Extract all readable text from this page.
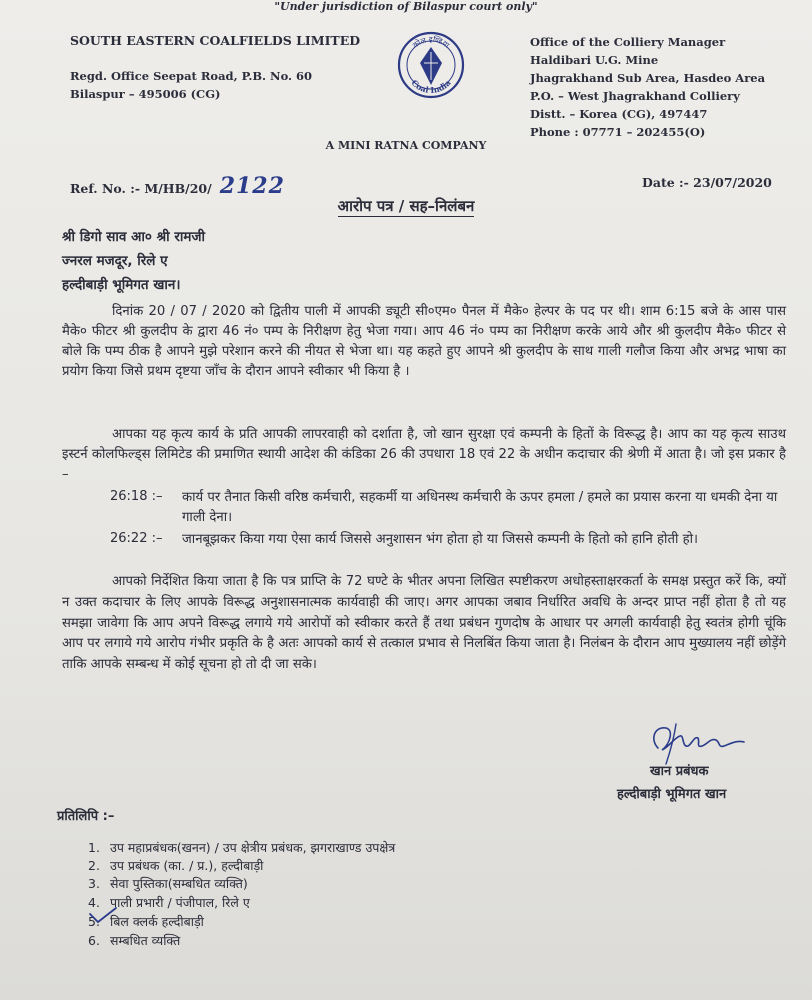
"Under jurisdiction of Bilaspur court only"
SOUTH EASTERN COALFIELDS LIMITED
Regd. Office Seepat Road, P.B. No. 60
Bilaspur – 495006 (CG)
कोल इण्डिया
Coal India
Office of the Colliery Manager
Haldibari U.G. Mine
Jhagrakhand Sub Area, Hasdeo Area
P.O. – West Jhagrakhand Colliery
Distt. – Korea (CG), 497447
Phone : 07771 – 202455(O)
A MINI RATNA COMPANY
Ref. No. :- M/HB/20/ 2122	Date :- 23/07/2020
आरोप पत्र / सह–निलंबन
श्री डिगो साव आ० श्री रामजी
ज्नरल मजदूर, रिले ए
हल्दीबाड़ी भूमिगत खान।
दिनांक 20 / 07 / 2020 को द्वितीय पाली में आपकी ड्यूटी सी०एम० पैनल में मैके० हेल्पर के पद पर थी। शाम 6:15 बजे के आस पास मैके० फीटर श्री कुलदीप के द्वारा 46 नं० पम्प के निरीक्षण हेतु भेजा गया। आप 46 नं० पम्प का निरीक्षण करके आये और श्री कुलदीप मैके० फीटर से बोले कि पम्प ठीक है आपने मुझे परेशान करने की नीयत से भेजा था। यह कहते हुए आपने श्री कुलदीप के साथ गाली गलौज किया और अभद्र भाषा का प्रयोग किया जिसे प्रथम दृष्टया जाँच के दौरान आपने स्वीकार भी किया है ।
आपका यह कृत्य कार्य के प्रति आपकी लापरवाही को दर्शाता है, जो खान सुरक्षा एवं कम्पनी के हितों के विरूद्ध है। आप का यह कृत्य साउथ इस्टर्न कोलफिल्ड्स लिमिटेड की प्रमाणित स्थायी आदेश की कंडिका 26 की उपधारा 18 एवं 22 के अधीन कदाचार की श्रेणी में आता है। जो इस प्रकार है –
26:18 :– कार्य पर तैनात किसी वरिष्ठ कर्मचारी, सहकर्मी या अधिनस्थ कर्मचारी के ऊपर हमला / हमले का प्रयास करना या धमकी देना या गाली देना।
26:22 :– जानबूझकर किया गया ऐसा कार्य जिससे अनुशासन भंग होता हो या जिससे कम्पनी के हितो को हानि होती हो।
आपको निर्देशित किया जाता है कि पत्र प्राप्ति के 72 घण्टे के भीतर अपना लिखित स्पष्टीकरण अधोहस्ताक्षरकर्ता के समक्ष प्रस्तुत करें कि, क्यों न उक्त कदाचार के लिए आपके विरूद्ध अनुशासनात्मक कार्यवाही की जाए। अगर आपका जबाव निर्धारित अवधि के अन्दर प्राप्त नहीं होता है तो यह समझा जावेगा कि आप अपने विरूद्ध लगाये गये आरोपों को स्वीकार करते हैं तथा प्रबंधन गुणदोष के आधार पर अगली कार्यवाही हेतु स्वतंत्र होगी चूंकि आप पर लगाये गये आरोप गंभीर प्रकृति के है अतः आपको कार्य से तत्काल प्रभाव से निलबिंत किया जाता है। निलंबन के दौरान आप मुख्यालय नहीं छोड़ेंगे ताकि आपके सम्बन्ध में कोई सूचना हो तो दी जा सके।
खान प्रबंधक
हल्दीबाड़ी भूमिगत खान
प्रतिलिपि :–
1. उप महाप्रबंधक(खनन) / उप क्षेत्रीय प्रबंधक, झगराखाण्ड उपक्षेत्र
2. उप प्रबंधक (का. / प्र.), हल्दीबाड़ी
3. सेवा पुस्तिका(सम्बधित व्यक्ति)
4. पाली प्रभारी / पंजीपाल, रिले ए
5. बिल क्लर्क हल्दीबाड़ी
6. सम्बधित व्यक्ति
